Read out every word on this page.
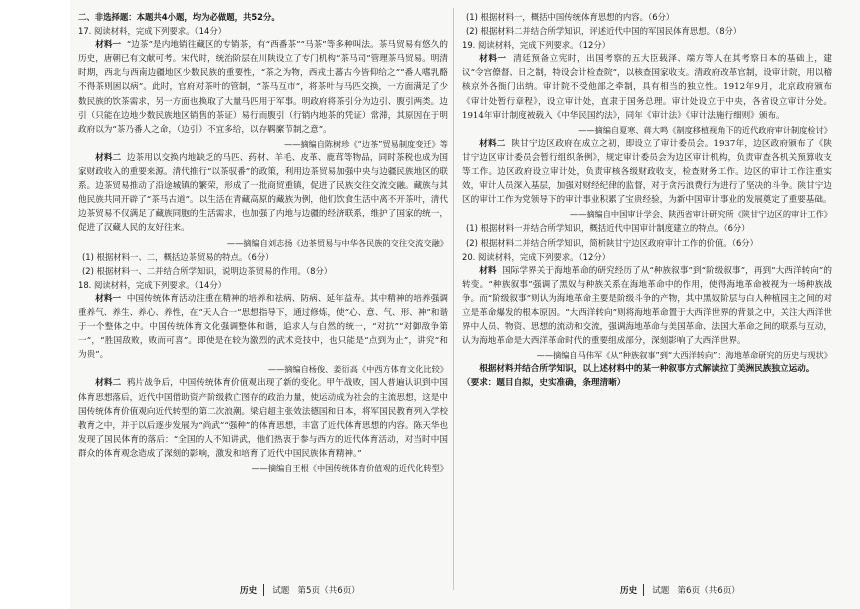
二、非选择题：本题共4小题，均为必做题，共52分。

17. 阅读材料，完成下列要求。（14分）

材料一 “边茶”是内地销往藏区的专销茶，有“西番茶”“马茶”等多种叫法。茶马贸易有悠久的历史，唐朝已有文献可考。宋代时，统治阶层在川陕设立了专门机构“茶马司”管理茶马贸易。明清时期，西北与西南边疆地区少数民族的重要性，“茶之为物，西戎土蕃古今皆仰给之”“番人嗜乳酪不得茶则困以病”。此时，官府对茶叶的管制，“茶马互市”，将茶叶与马匹交换，一方面满足了少数民族的饮茶需求，另一方面也换取了大量马匹用于军事。明政府将茶引分为边引、腹引两类。边引（只能在边地少数民族地区销售的茶证）易行而腹引（行销内地茶的凭证）常滞，其原因在于明政府以为“茶乃番人之命，（边引）不宜多给，以存羁縻节制之意”。

——摘编自陈树珍《“边茶”贸易制度变迁》等

材料二 边茶用以交换内地缺乏的马匹、药材、羊毛、皮革、鹿茸等物品，同时茶税也成为国家财政收入的重要来源。清代推行“以茶驭番”的政策，利用边茶贸易加强中央与边疆民族地区的联系。边茶贸易推动了沿途城镇的繁荣，形成了一批商贸重镇，促进了民族交往交流交融。藏族与其他民族共同开辟了“茶马古道”。以生活在青藏高原的藏族为例，他们饮食生活中离不开茶叶，清代边茶贸易不仅满足了藏族同胞的生活需求，也加强了内地与边疆的经济联系，维护了国家的统一，促进了汉藏人民的友好往来。

——摘编自刘志扬《边茶贸易与中华各民族的交往交流交融》

(1) 根据材料一、二，概括边茶贸易的特点。（6分）

(2) 根据材料一、二并结合所学知识，说明边茶贸易的作用。（8分）

18. 阅读材料，完成下列要求。（14分）

材料一 中国传统体育活动注重在精神的培养和祛病、防病、延年益寿。其中精神的培养强调重养气、养生、养心、养性，在“天人合一”思想指导下，通过修炼，使“心、意、气、形、神”和谐于一个整体之中。中国传统体育文化强调整体和谐，追求人与自然的统一，“对抗”“对御敌争第一”，“胜国敌败，败而可喜”。即使是在较为激烈的武术竞技中，也只能是“点到为止”，讲究“和为贵”。

——摘编自杨俊、姜衍高《中西方体育文化比较》

材料二 鸦片战争后，中国传统体育价值观出现了新的变化。甲午战败，国人普遍认识到中国体育思想落后，近代中国借助资产阶级救亡图存的政治力量，使运动成为社会的主流思想，这是中国传统体育价值观向近代转型的第二次浪潮。梁启超主张效法德国和日本，将军国民教育列入学校教育之中，并于以后逐步发展为“尚武”“强种”的体育思想，丰富了近代体育思想的内容。陈天华也发现了国民体育的落后：“全国的人不知讲武，他们热衷于参与西方的近代体育活动，对当时中国群众的体育观念造成了深刻的影响，激发和培育了近代中国民族体育精神。”

——摘编自王根《中国传统体育价值观的近代化转型》

历史	试题 第5页（共6页）

(1) 根据材料一，概括中国传统体育思想的内容。（6分）

(2) 根据材料二并结合所学知识，评述近代中国的军国民体育思想。（8分）

19. 阅读材料，完成下列要求。（12分）

材料一 清廷预备立宪时，出国考察的五大臣载泽、端方等人在其考察日本的基础上，建议“令宫僚督、日之制，特设会计检查院”，以核查国家收支。清政府改革官制，设审计院，用以稽核京外各衙门出纳。审计院不受他部之牵制，具有相当的独立性。1912年9月，北京政府颁布《审计处暂行章程》，设立审计处，直隶于国务总理。审计处设立于中央，各省设立审计分处。1914年审计制度被载入《中华民国约法》，同年《审计法》《审计法施行细则》颁布。

——摘编自夏寒、蒋大鸣《制度移植视角下的近代政府审计制度检讨》

材料二 陕甘宁边区政府在成立之初，即设立了审计委员会。1937年，边区政府颁布了《陕甘宁边区审计委员会暂行组织条例》，规定审计委员会为边区审计机构，负责审查各机关预算收支等工作。边区政府设立审计处，负责审核各级财政收支，检查财务工作。边区的审计工作注重实效，审计人员深入基层，加强对财经纪律的监督，对于贪污浪费行为进行了坚决的斗争。陕甘宁边区的审计工作为党领导下的审计事业积累了宝贵经验，为新中国审计事业的发展奠定了重要基础。

——摘编自中国审计学会、陕西省审计研究所《陕甘宁边区的审计工作》

(1) 根据材料一并结合所学知识，概括近代中国审计制度建立的特点。（6分）

(2) 根据材料二并结合所学知识，简析陕甘宁边区政府审计工作的价值。（6分）

20. 阅读材料，完成下列要求。（12分）

材料 国际学界关于海地革命的研究经历了从“种族叙事”到“阶级叙事”，再到“大西洋转向”的转变。“种族叙事”强调了黑奴与种族关系在海地革命中的作用，使得海地革命被视为一场种族战争。而“阶级叙事”则认为海地革命主要是阶级斗争的产物，其中黑奴阶层与白人种植园主之间的对立是革命爆发的根本原因。“大西洋转向”则将海地革命置于大西洋世界的背景之中，关注大西洋世界中人员、物资、思想的流动和交流，强调海地革命与美国革命、法国大革命之间的联系与互动，认为海地革命是大西洋革命时代的重要组成部分，深刻影响了大西洋世界。

——摘编自马伟军《从“种族叙事”到“大西洋转向”：海地革命研究的历史与现状》

根据材料并结合所学知识，以上述材料中的某一种叙事方式解读拉丁美洲民族独立运动。

（要求：题目自拟，史实准确，条理清晰）

历史	试题 第6页（共6页）
